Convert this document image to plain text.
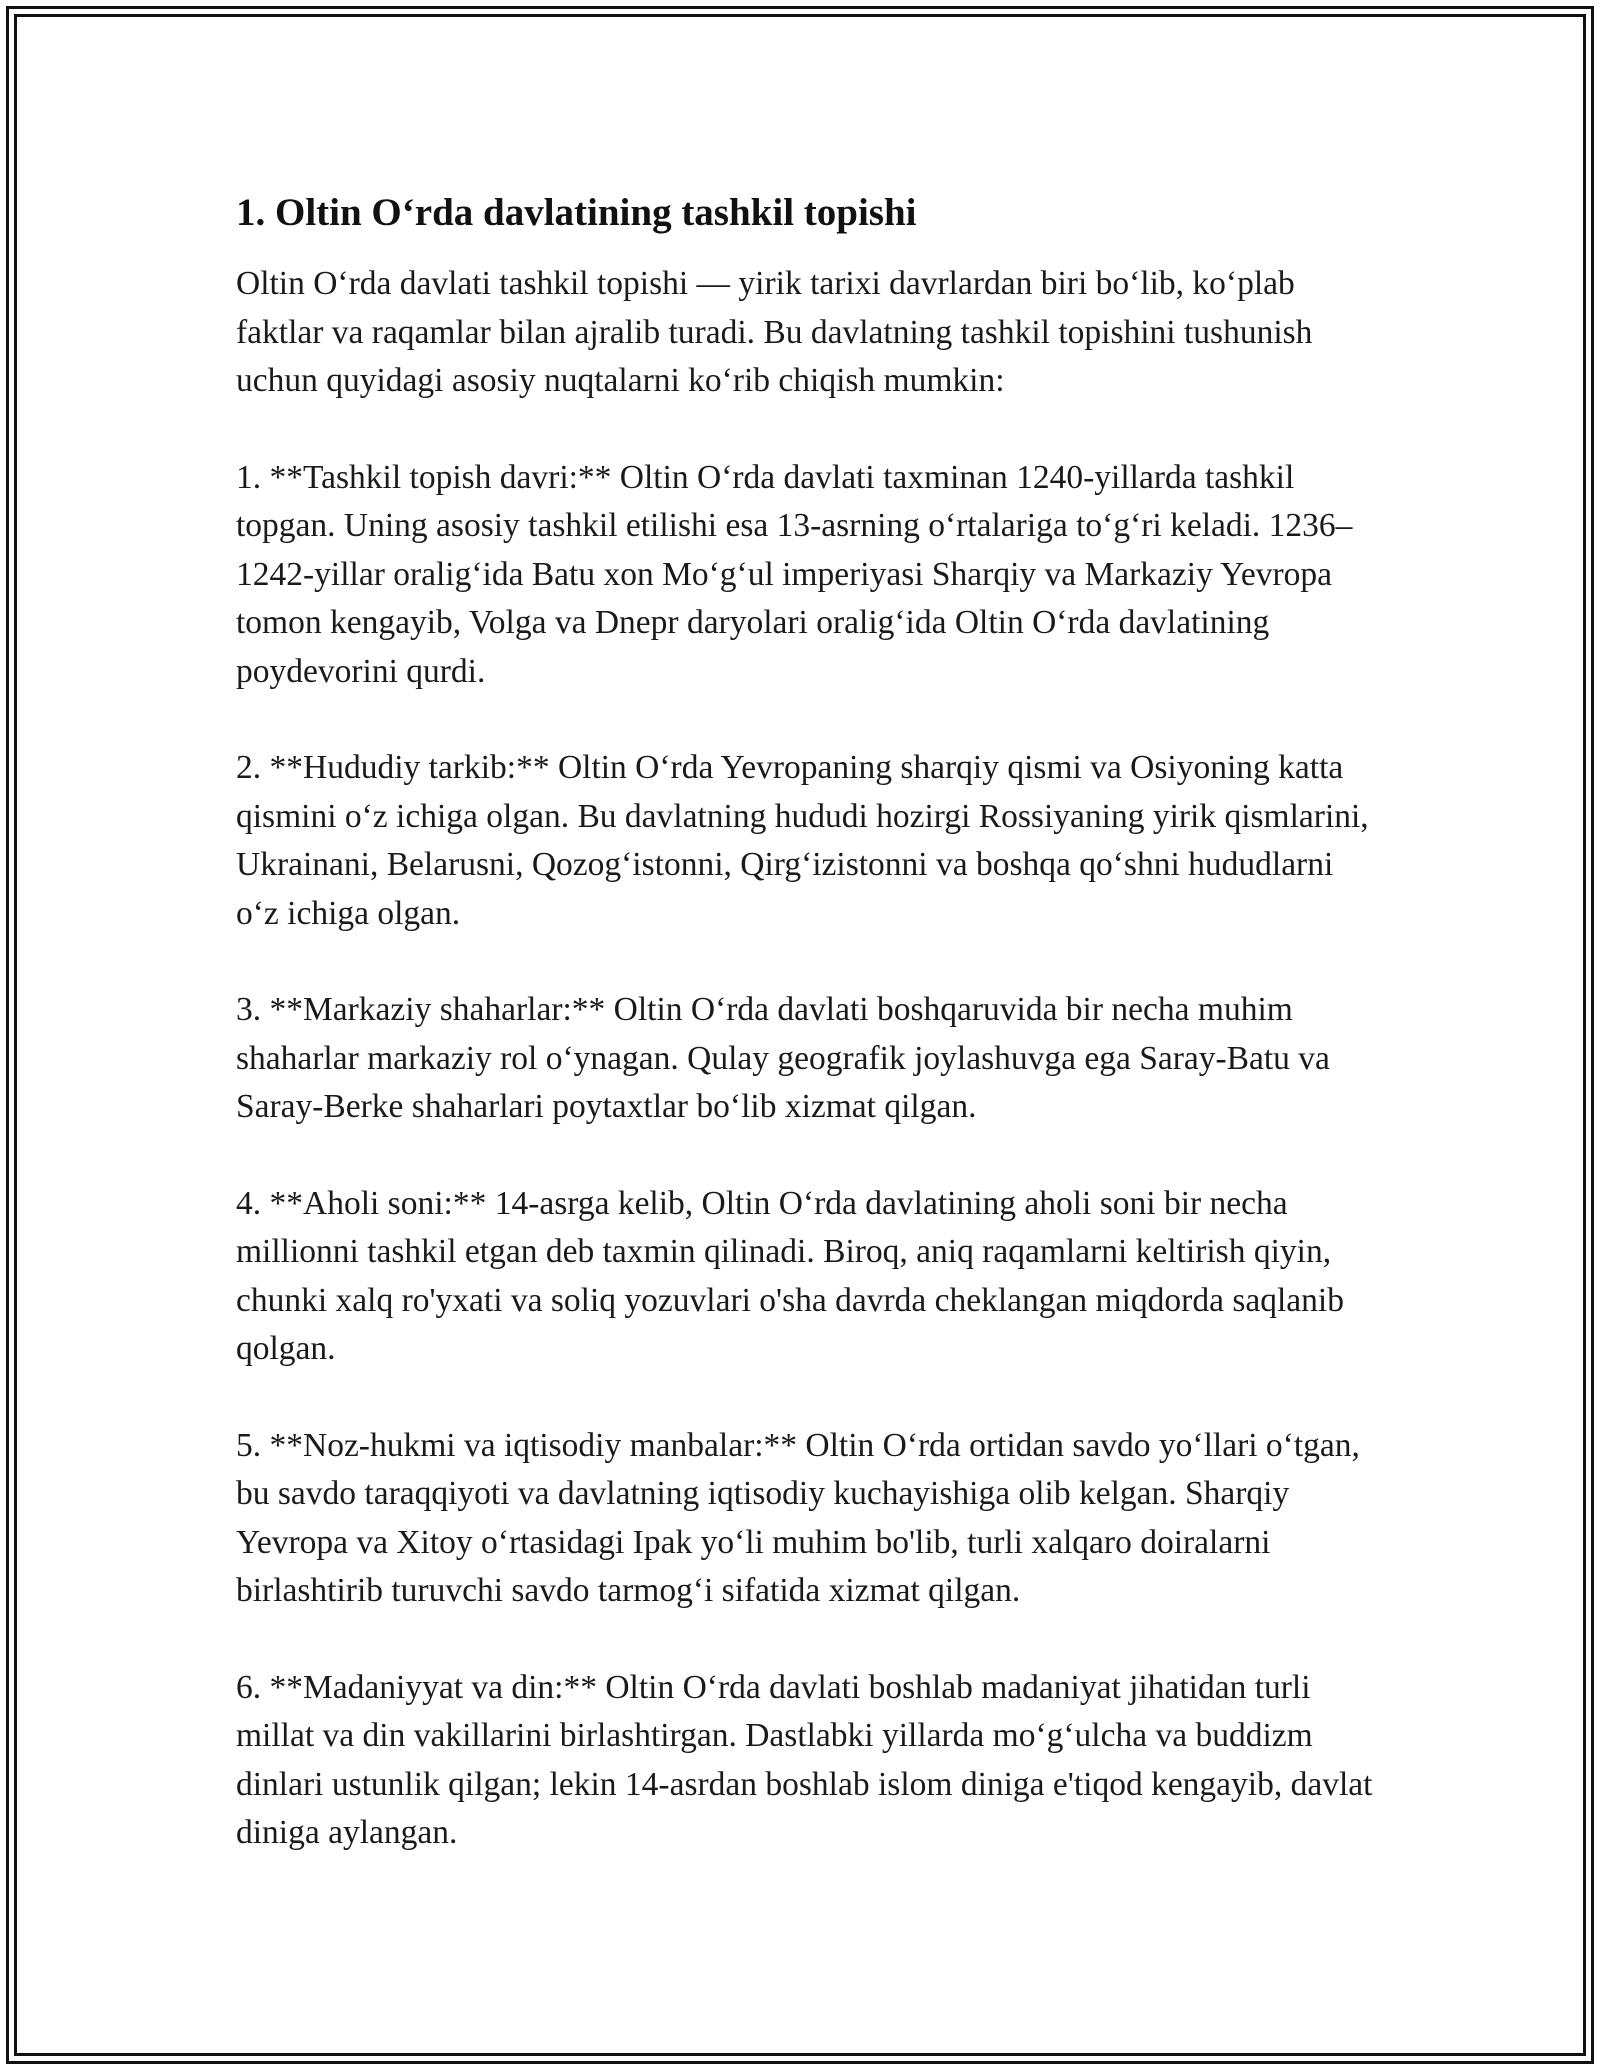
1. Oltin O‘rda davlatining tashkil topishi

Oltin O‘rda davlati tashkil topishi — yirik tarixi davrlardan biri bo‘lib, ko‘plab faktlar va raqamlar bilan ajralib turadi. Bu davlatning tashkil topishini tushunish uchun quyidagi asosiy nuqtalarni ko‘rib chiqish mumkin:

1. **Tashkil topish davri:** Oltin O‘rda davlati taxminan 1240-yillarda tashkil topgan. Uning asosiy tashkil etilishi esa 13-asrning o‘rtalariga to‘g‘ri keladi. 1236–1242-yillar oralig‘ida Batu xon Mo‘g‘ul imperiyasi Sharqiy va Markaziy Yevropa tomon kengayib, Volga va Dnepr daryolari oralig‘ida Oltin O‘rda davlatining poydevorini qurdi.

2. **Hududiy tarkib:** Oltin O‘rda Yevropaning sharqiy qismi va Osiyoning katta qismini o‘z ichiga olgan. Bu davlatning hududi hozirgi Rossiyaning yirik qismlarini, Ukrainani, Belarusni, Qozog‘istonni, Qirg‘izistonni va boshqa qo‘shni hududlarni o‘z ichiga olgan.

3. **Markaziy shaharlar:** Oltin O‘rda davlati boshqaruvida bir necha muhim shaharlar markaziy rol o‘ynagan. Qulay geografik joylashuvga ega Saray-Batu va Saray-Berke shaharlari poytaxtlar bo‘lib xizmat qilgan.

4. **Aholi soni:** 14-asrga kelib, Oltin O‘rda davlatining aholi soni bir necha millionni tashkil etgan deb taxmin qilinadi. Biroq, aniq raqamlarni keltirish qiyin, chunki xalq ro'yxati va soliq yozuvlari o'sha davrda cheklangan miqdorda saqlanib qolgan.

5. **Noz-hukmi va iqtisodiy manbalar:** Oltin O‘rda ortidan savdo yo‘llari o‘tgan, bu savdo taraqqiyoti va davlatning iqtisodiy kuchayishiga olib kelgan. Sharqiy Yevropa va Xitoy o‘rtasidagi Ipak yo‘li muhim bo'lib, turli xalqaro doiralarni birlashtirib turuvchi savdo tarmog‘i sifatida xizmat qilgan.

6. **Madaniyyat va din:** Oltin O‘rda davlati boshlab madaniyat jihatidan turli millat va din vakillarini birlashtirgan. Dastlabki yillarda mo‘g‘ulcha va buddizm dinlari ustunlik qilgan; lekin 14-asrdan boshlab islom diniga e'tiqod kengayib, davlat diniga aylangan.
